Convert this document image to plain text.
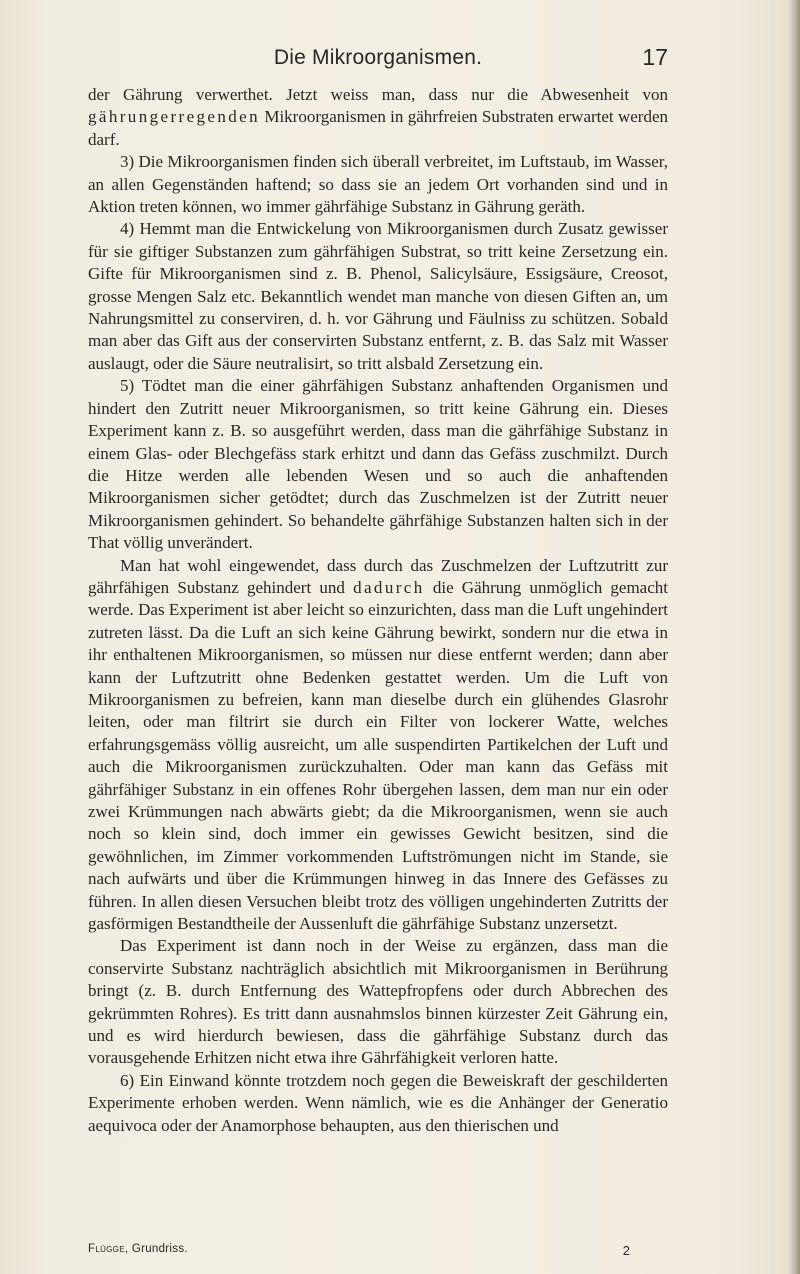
Die Mikroorganismen.	17

der Gährung verwerthet. Jetzt weiss man, dass nur die Abwesenheit von gährungerregenden Mikroorganismen in gährfreien Substraten erwartet werden darf.

3) Die Mikroorganismen finden sich überall verbreitet, im Luftstaub, im Wasser, an allen Gegenständen haftend; so dass sie an jedem Ort vorhanden sind und in Aktion treten können, wo immer gährfähige Substanz in Gährung geräth.

4) Hemmt man die Entwickelung von Mikroorganismen durch Zusatz gewisser für sie giftiger Substanzen zum gährfähigen Substrat, so tritt keine Zersetzung ein. Gifte für Mikroorganismen sind z. B. Phenol, Salicylsäure, Essigsäure, Creosot, grosse Mengen Salz etc. Bekanntlich wendet man manche von diesen Giften an, um Nahrungsmittel zu conserviren, d. h. vor Gährung und Fäulniss zu schützen. Sobald man aber das Gift aus der conservirten Substanz entfernt, z. B. das Salz mit Wasser auslaugt, oder die Säure neutralisirt, so tritt alsbald Zersetzung ein.

5) Tödtet man die einer gährfähigen Substanz anhaftenden Organismen und hindert den Zutritt neuer Mikroorganismen, so tritt keine Gährung ein. Dieses Experiment kann z. B. so ausgeführt werden, dass man die gährfähige Substanz in einem Glas- oder Blechgefäss stark erhitzt und dann das Gefäss zuschmilzt. Durch die Hitze werden alle lebenden Wesen und so auch die anhaftenden Mikroorganismen sicher getödtet; durch das Zuschmelzen ist der Zutritt neuer Mikroorganismen gehindert. So behandelte gährfähige Substanzen halten sich in der That völlig unverändert.

Man hat wohl eingewendet, dass durch das Zuschmelzen der Luftzutritt zur gährfähigen Substanz gehindert und dadurch die Gährung unmöglich gemacht werde. Das Experiment ist aber leicht so einzurichten, dass man die Luft ungehindert zutreten lässt. Da die Luft an sich keine Gährung bewirkt, sondern nur die etwa in ihr enthaltenen Mikroorganismen, so müssen nur diese entfernt werden; dann aber kann der Luftzutritt ohne Bedenken gestattet werden. Um die Luft von Mikroorganismen zu befreien, kann man dieselbe durch ein glühendes Glasrohr leiten, oder man filtrirt sie durch ein Filter von lockerer Watte, welches erfahrungsgemäss völlig ausreicht, um alle suspendirten Partikelchen der Luft und auch die Mikroorganismen zurückzuhalten. Oder man kann das Gefäss mit gährfähiger Substanz in ein offenes Rohr übergehen lassen, dem man nur ein oder zwei Krümmungen nach abwärts giebt; da die Mikroorganismen, wenn sie auch noch so klein sind, doch immer ein gewisses Gewicht besitzen, sind die gewöhnlichen, im Zimmer vorkommenden Luftströmungen nicht im Stande, sie nach aufwärts und über die Krümmungen hinweg in das Innere des Gefässes zu führen. In allen diesen Versuchen bleibt trotz des völligen ungehinderten Zutritts der gasförmigen Bestandtheile der Aussenluft die gährfähige Substanz unzersetzt.

Das Experiment ist dann noch in der Weise zu ergänzen, dass man die conservirte Substanz nachträglich absichtlich mit Mikroorganismen in Berührung bringt (z. B. durch Entfernung des Wattepfropfens oder durch Abbrechen des gekrümmten Rohres). Es tritt dann ausnahmslos binnen kürzester Zeit Gährung ein, und es wird hierdurch bewiesen, dass die gährfähige Substanz durch das vorausgehende Erhitzen nicht etwa ihre Gährfähigkeit verloren hatte.

6) Ein Einwand könnte trotzdem noch gegen die Beweiskraft der geschilderten Experimente erhoben werden. Wenn nämlich, wie es die Anhänger der Generatio aequivoca oder der Anamorphose behaupten, aus den thierischen und

Flügge, Grundriss.	2
